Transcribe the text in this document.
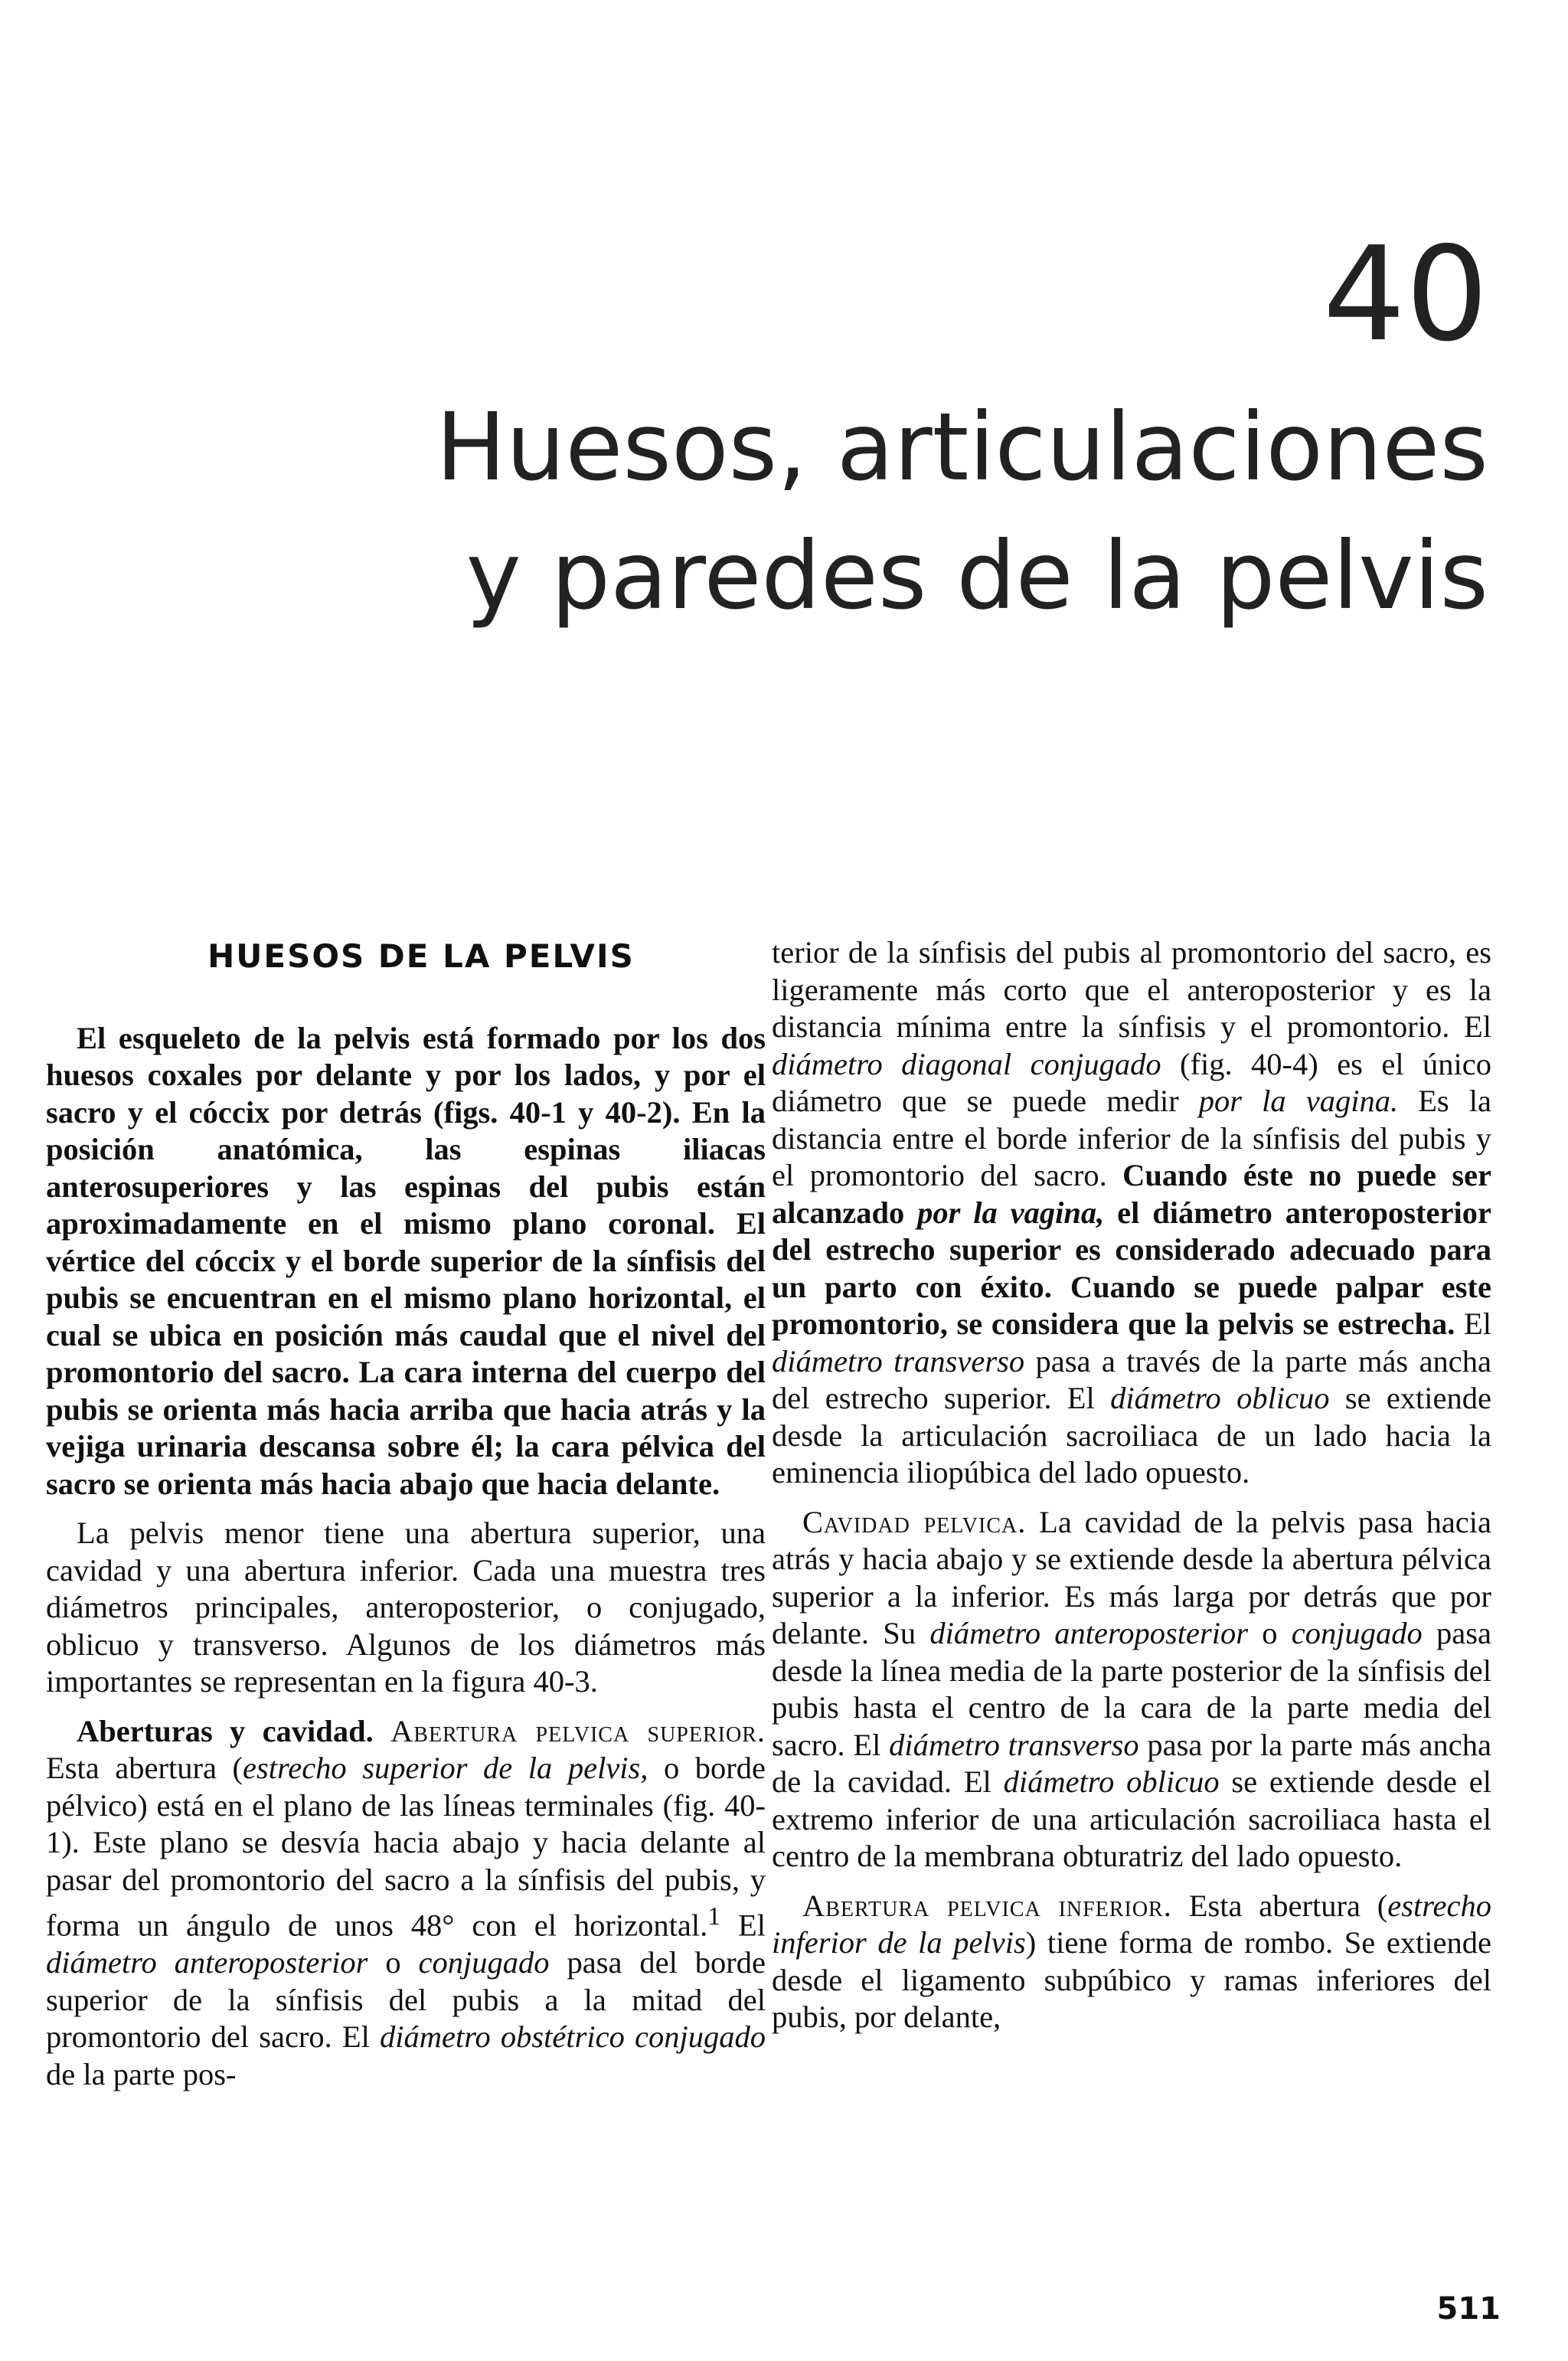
40
Huesos, articulaciones
y paredes de la pelvis
HUESOS DE LA PELVIS

El esqueleto de la pelvis está formado por los dos huesos coxales por delante y por los lados, y por el sacro y el cóccix por detrás (figs. 40-1 y 40-2). En la posición anatómica, las espinas iliacas anterosuperiores y las espinas del pubis están aproximadamente en el mismo plano coronal. El vértice del cóccix y el borde superior de la sínfisis del pubis se encuentran en el mismo plano horizontal, el cual se ubica en posición más caudal que el nivel del promontorio del sacro. La cara interna del cuerpo del pubis se orienta más hacia arriba que hacia atrás y la vejiga urinaria descansa sobre él; la cara pélvica del sacro se orienta más hacia abajo que hacia delante.

La pelvis menor tiene una abertura superior, una cavidad y una abertura inferior. Cada una muestra tres diámetros principales, anteroposterior, o conjugado, oblicuo y transverso. Algunos de los diámetros más importantes se representan en la figura 40-3.

Aberturas y cavidad. Abertura pelvica superior. Esta abertura (estrecho superior de la pelvis, o borde pélvico) está en el plano de las líneas terminales (fig. 40-1). Este plano se desvía hacia abajo y hacia delante al pasar del promontorio del sacro a la sínfisis del pubis, y forma un ángulo de unos 48° con el horizontal.$^1$ El diámetro anteroposterior o conjugado pasa del borde superior de la sínfisis del pubis a la mitad del promontorio del sacro. El diámetro obstétrico conjugado de la parte pos-

terior de la sínfisis del pubis al promontorio del sacro, es ligeramente más corto que el anteroposterior y es la distancia mínima entre la sínfisis y el promontorio. El diámetro diagonal conjugado (fig. 40-4) es el único diámetro que se puede medir por la vagina. Es la distancia entre el borde inferior de la sínfisis del pubis y el promontorio del sacro. Cuando éste no puede ser alcanzado por la vagina, el diámetro anteroposterior del estrecho superior es considerado adecuado para un parto con éxito. Cuando se puede palpar este promontorio, se considera que la pelvis se estrecha. El diámetro transverso pasa a través de la parte más ancha del estrecho superior. El diámetro oblicuo se extiende desde la articulación sacroiliaca de un lado hacia la eminencia iliopúbica del lado opuesto.

Cavidad pelvica. La cavidad de la pelvis pasa hacia atrás y hacia abajo y se extiende desde la abertura pélvica superior a la inferior. Es más larga por detrás que por delante. Su diámetro anteroposterior o conjugado pasa desde la línea media de la parte posterior de la sínfisis del pubis hasta el centro de la cara de la parte media del sacro. El diámetro transverso pasa por la parte más ancha de la cavidad. El diámetro oblicuo se extiende desde el extremo inferior de una articulación sacroiliaca hasta el centro de la membrana obturatriz del lado opuesto.

Abertura pelvica inferior. Esta abertura (estrecho inferior de la pelvis) tiene forma de rombo. Se extiende desde el ligamento subpúbico y ramas inferiores del pubis, por delante,

511
